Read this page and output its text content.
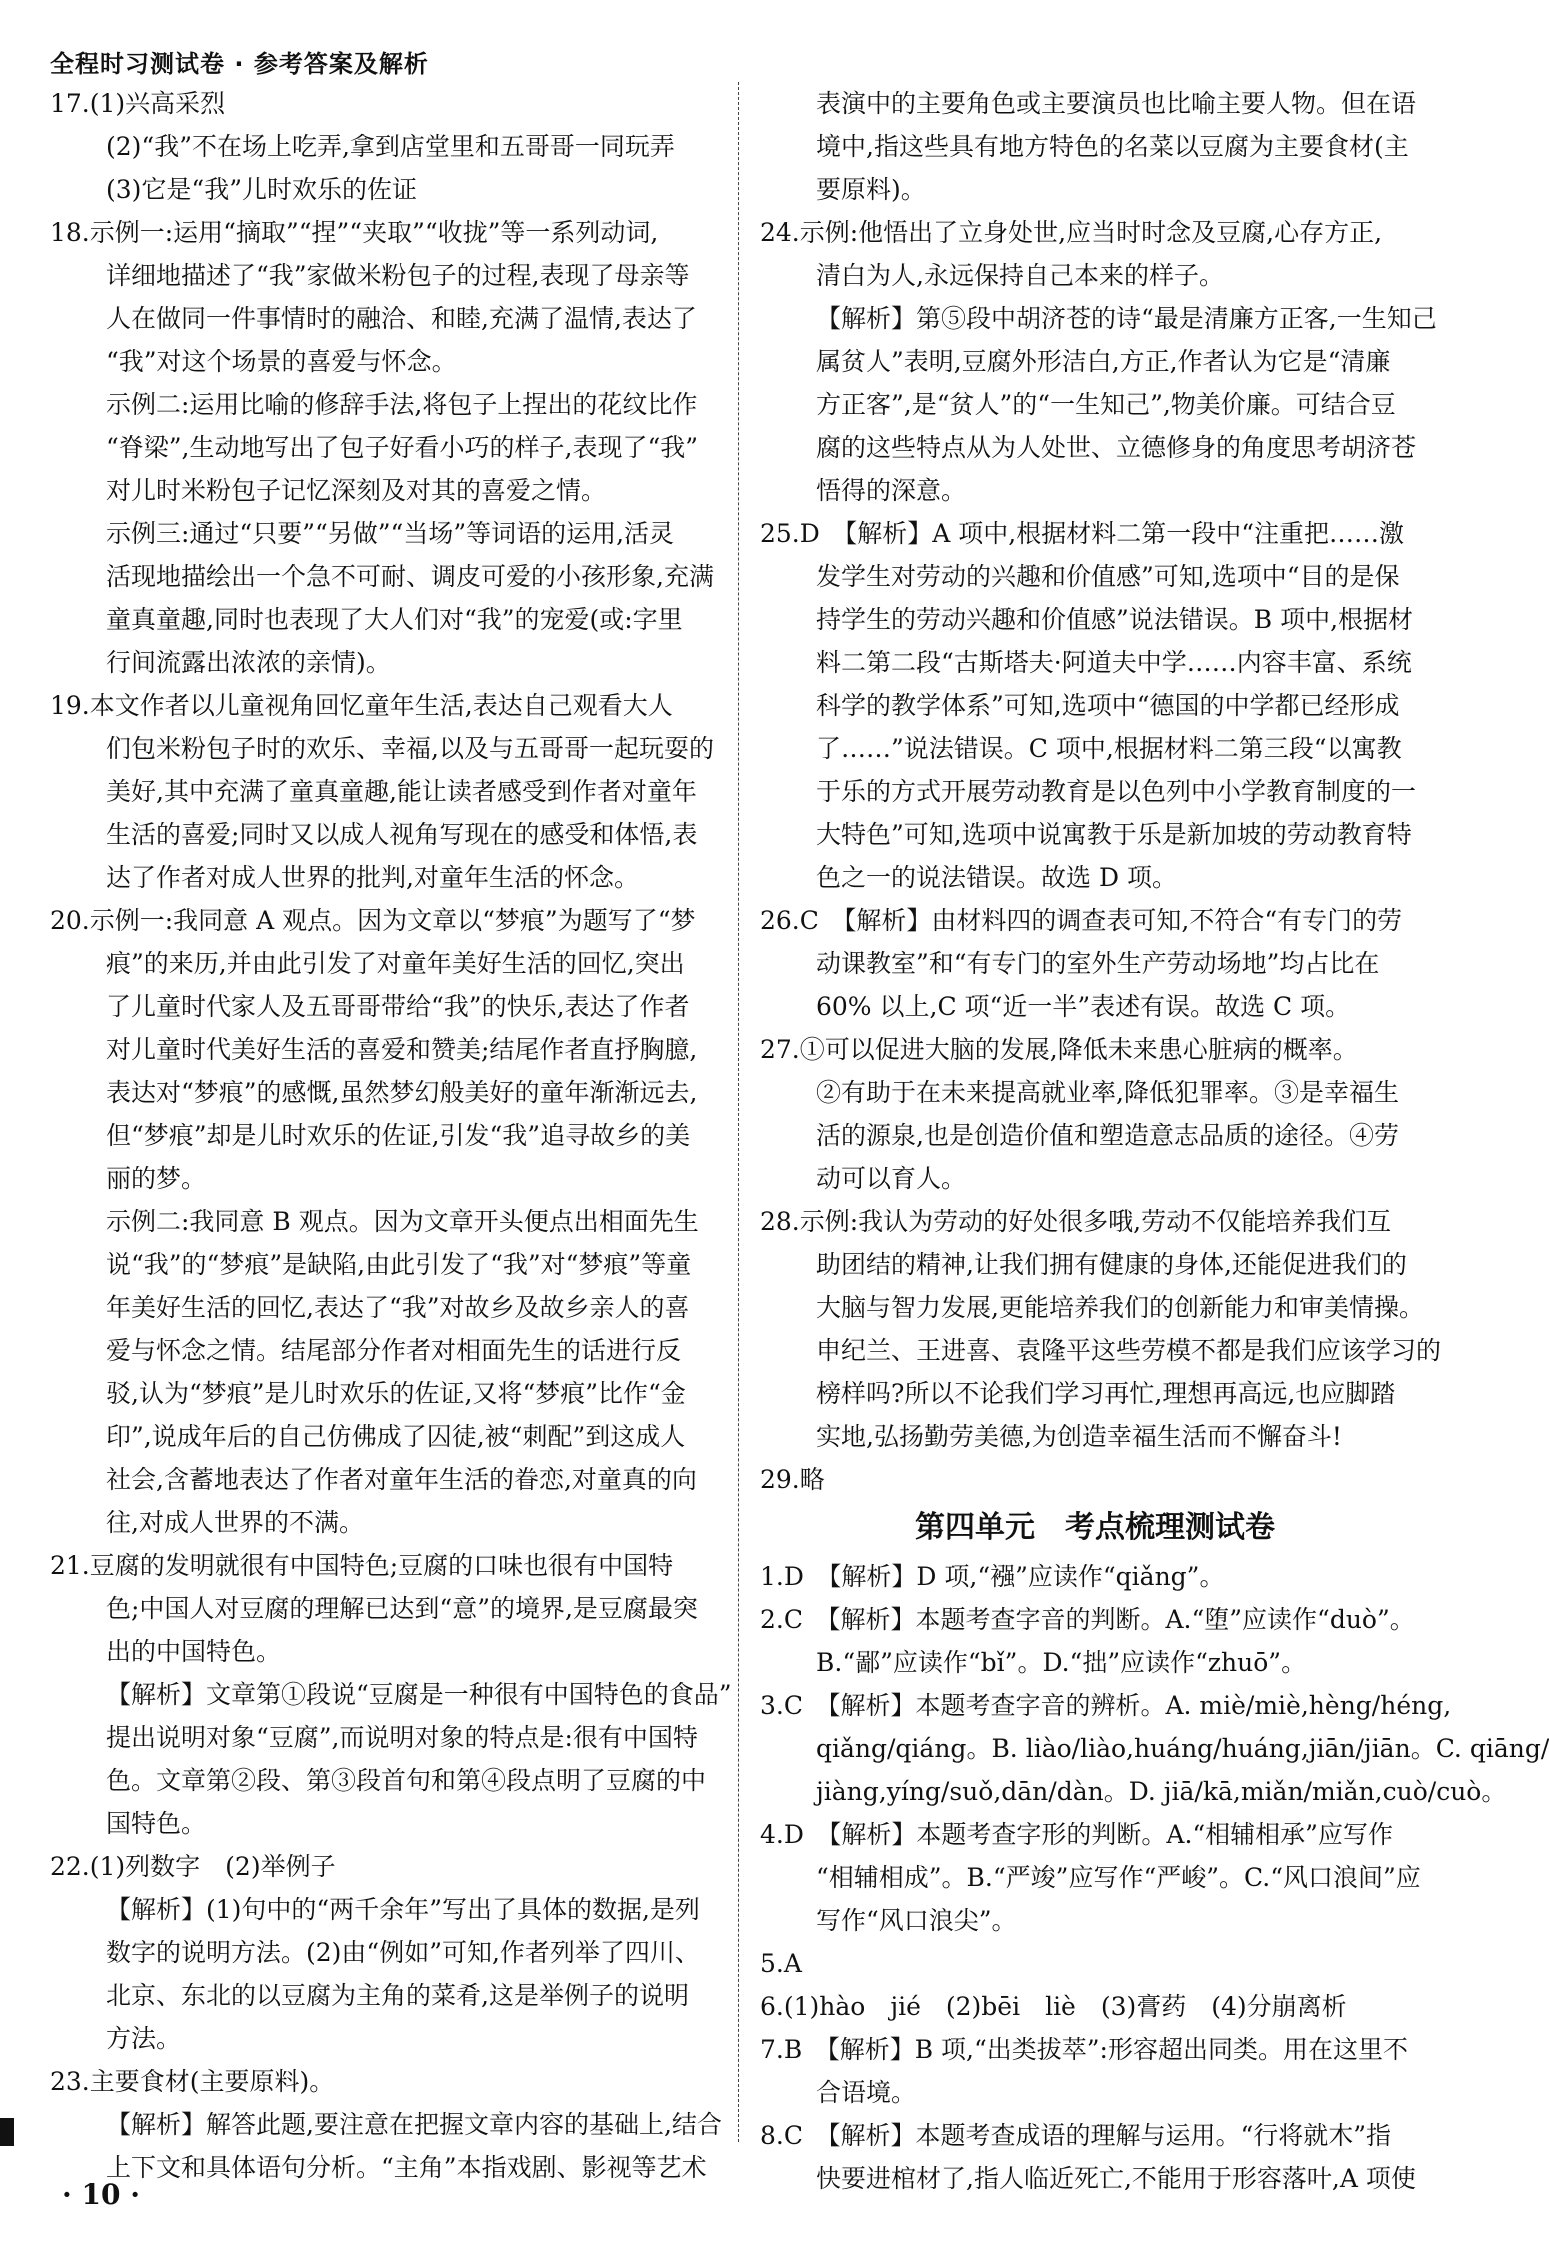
全程时习测试卷 · 参考答案及解析
17.(1)兴高采烈
(2)“我”不在场上吃弄,拿到店堂里和五哥哥一同玩弄
(3)它是“我”儿时欢乐的佐证
18.示例一:运用“摘取”“捏”“夹取”“收拢”等一系列动词,
详细地描述了“我”家做米粉包子的过程,表现了母亲等
人在做同一件事情时的融洽、和睦,充满了温情,表达了
“我”对这个场景的喜爱与怀念。
示例二:运用比喻的修辞手法,将包子上捏出的花纹比作
“脊梁”,生动地写出了包子好看小巧的样子,表现了“我”
对儿时米粉包子记忆深刻及对其的喜爱之情。
示例三:通过“只要”“另做”“当场”等词语的运用,活灵
活现地描绘出一个急不可耐、调皮可爱的小孩形象,充满
童真童趣,同时也表现了大人们对“我”的宠爱(或:字里
行间流露出浓浓的亲情)。
19.本文作者以儿童视角回忆童年生活,表达自己观看大人
们包米粉包子时的欢乐、幸福,以及与五哥哥一起玩耍的
美好,其中充满了童真童趣,能让读者感受到作者对童年
生活的喜爱;同时又以成人视角写现在的感受和体悟,表
达了作者对成人世界的批判,对童年生活的怀念。
20.示例一:我同意 A 观点。因为文章以“梦痕”为题写了“梦
痕”的来历,并由此引发了对童年美好生活的回忆,突出
了儿童时代家人及五哥哥带给“我”的快乐,表达了作者
对儿童时代美好生活的喜爱和赞美;结尾作者直抒胸臆,
表达对“梦痕”的感慨,虽然梦幻般美好的童年渐渐远去,
但“梦痕”却是儿时欢乐的佐证,引发“我”追寻故乡的美
丽的梦。
示例二:我同意 B 观点。因为文章开头便点出相面先生
说“我”的“梦痕”是缺陷,由此引发了“我”对“梦痕”等童
年美好生活的回忆,表达了“我”对故乡及故乡亲人的喜
爱与怀念之情。结尾部分作者对相面先生的话进行反
驳,认为“梦痕”是儿时欢乐的佐证,又将“梦痕”比作“金
印”,说成年后的自己仿佛成了囚徒,被“刺配”到这成人
社会,含蓄地表达了作者对童年生活的眷恋,对童真的向
往,对成人世界的不满。
21.豆腐的发明就很有中国特色;豆腐的口味也很有中国特
色;中国人对豆腐的理解已达到“意”的境界,是豆腐最突
出的中国特色。
【解析】文章第①段说“豆腐是一种很有中国特色的食品”
提出说明对象“豆腐”,而说明对象的特点是:很有中国特
色。文章第②段、第③段首句和第④段点明了豆腐的中
国特色。
22.(1)列数字　(2)举例子
【解析】(1)句中的“两千余年”写出了具体的数据,是列
数字的说明方法。(2)由“例如”可知,作者列举了四川、
北京、东北的以豆腐为主角的菜肴,这是举例子的说明
方法。
23.主要食材(主要原料)。
【解析】解答此题,要注意在把握文章内容的基础上,结合
上下文和具体语句分析。“主角”本指戏剧、影视等艺术
表演中的主要角色或主要演员也比喻主要人物。但在语
境中,指这些具有地方特色的名菜以豆腐为主要食材(主
要原料)。
24.示例:他悟出了立身处世,应当时时念及豆腐,心存方正,
清白为人,永远保持自己本来的样子。
【解析】第⑤段中胡济苍的诗“最是清廉方正客,一生知己
属贫人”表明,豆腐外形洁白,方正,作者认为它是“清廉
方正客”,是“贫人”的“一生知己”,物美价廉。可结合豆
腐的这些特点从为人处世、立德修身的角度思考胡济苍
悟得的深意。
25.D　【解析】A 项中,根据材料二第一段中“注重把……激
发学生对劳动的兴趣和价值感”可知,选项中“目的是保
持学生的劳动兴趣和价值感”说法错误。B 项中,根据材
料二第二段“古斯塔夫·阿道夫中学……内容丰富、系统
科学的教学体系”可知,选项中“德国的中学都已经形成
了……”说法错误。C 项中,根据材料二第三段“以寓教
于乐的方式开展劳动教育是以色列中小学教育制度的一
大特色”可知,选项中说寓教于乐是新加坡的劳动教育特
色之一的说法错误。故选 D 项。
26.C　【解析】由材料四的调查表可知,不符合“有专门的劳
动课教室”和“有专门的室外生产劳动场地”均占比在
60% 以上,C 项“近一半”表述有误。故选 C 项。
27.①可以促进大脑的发展,降低未来患心脏病的概率。
②有助于在未来提高就业率,降低犯罪率。③是幸福生
活的源泉,也是创造价值和塑造意志品质的途径。④劳
动可以育人。
28.示例:我认为劳动的好处很多哦,劳动不仅能培养我们互
助团结的精神,让我们拥有健康的身体,还能促进我们的
大脑与智力发展,更能培养我们的创新能力和审美情操。
申纪兰、王进喜、袁隆平这些劳模不都是我们应该学习的
榜样吗?所以不论我们学习再忙,理想再高远,也应脚踏
实地,弘扬勤劳美德,为创造幸福生活而不懈奋斗!
29.略
第四单元　考点梳理测试卷
1.D　【解析】D 项,“襁”应读作“qiǎng”。
2.C　【解析】本题考查字音的判断。A.“堕”应读作“duò”。
B.“鄙”应读作“bǐ”。D.“拙”应读作“zhuō”。
3.C　【解析】本题考查字音的辨析。A. miè/miè,hèng/héng,
qiǎng/qiáng。B. liào/liào,huáng/huáng,jiān/jiān。C. qiāng/
jiàng,yíng/suǒ,dān/dàn。D. jiā/kā,miǎn/miǎn,cuò/cuò。
4.D　【解析】本题考查字形的判断。A.“相辅相承”应写作
“相辅相成”。B.“严竣”应写作“严峻”。C.“风口浪间”应
写作“风口浪尖”。
5.A
6.(1)hào　jié　(2)bēi　liè　(3)膏药　(4)分崩离析
7.B　【解析】B 项,“出类拔萃”:形容超出同类。用在这里不
合语境。
8.C　【解析】本题考查成语的理解与运用。“行将就木”指
快要进棺材了,指人临近死亡,不能用于形容落叶,A 项使
· 10 ·
